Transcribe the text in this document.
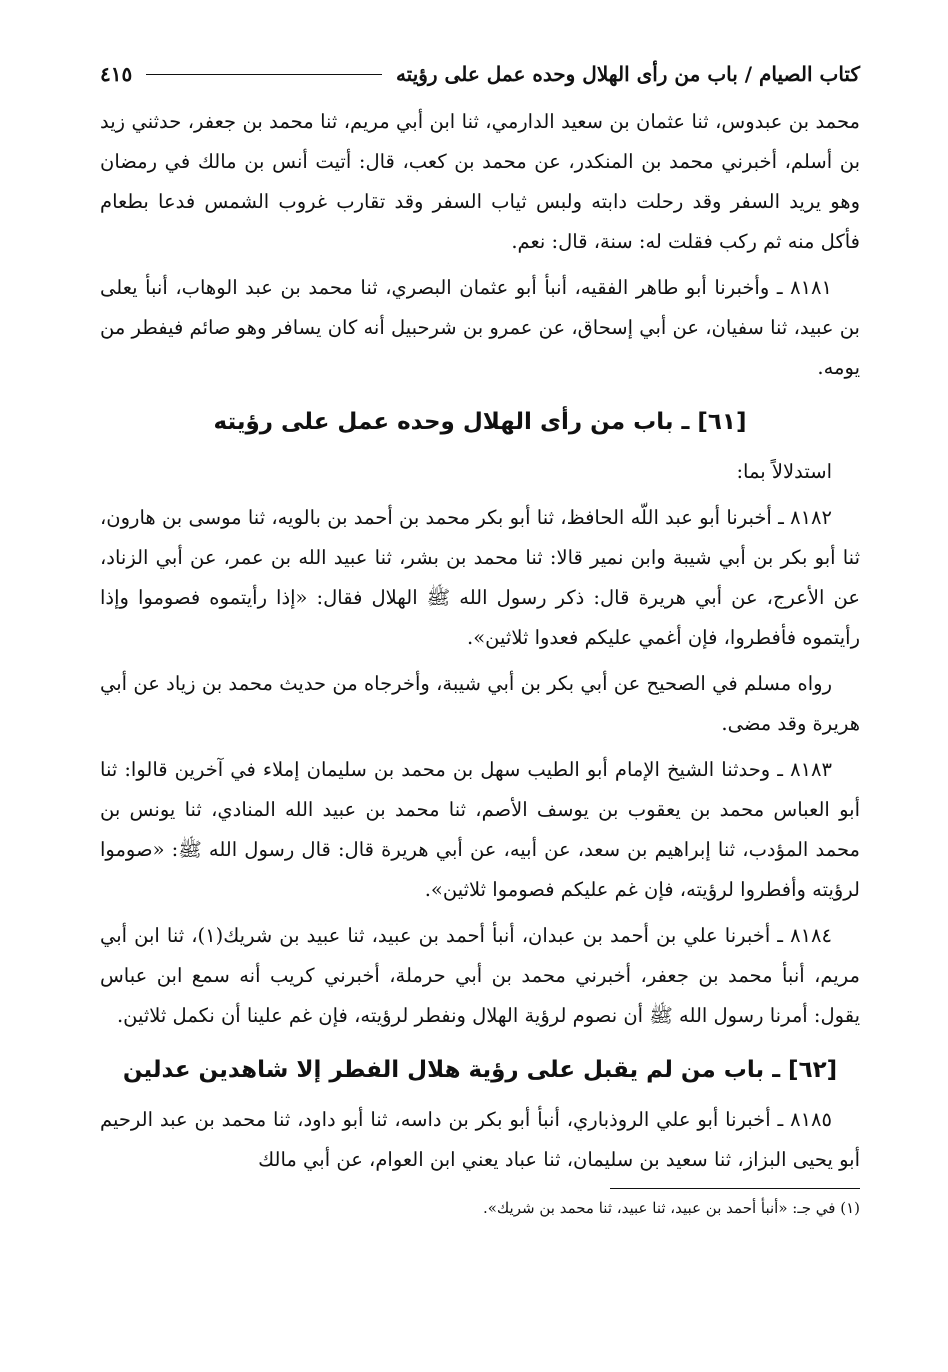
كتاب الصيام / باب من رأى الهلال وحده عمل على رؤيته
٤١٥

محمد بن عبدوس، ثنا عثمان بن سعيد الدارمي، ثنا ابن أبي مريم، ثنا محمد بن جعفر، حدثني زيد بن أسلم، أخبرني محمد بن المنكدر، عن محمد بن كعب، قال: أتيت أنس بن مالك في رمضان وهو يريد السفر وقد رحلت دابته ولبس ثياب السفر وقد تقارب غروب الشمس فدعا بطعام فأكل منه ثم ركب فقلت له: سنة، قال: نعم.

٨١٨١ ـ وأخبرنا أبو طاهر الفقيه، أنبأ أبو عثمان البصري، ثنا محمد بن عبد الوهاب، أنبأ يعلى بن عبيد، ثنا سفيان، عن أبي إسحاق، عن عمرو بن شرحبيل أنه كان يسافر وهو صائم فيفطر من يومه.

[٦١] ـ باب من رأى الهلال وحده عمل على رؤيته

استدلالاً بما:

٨١٨٢ ـ أخبرنا أبو عبد اللّه الحافظ، ثنا أبو بكر محمد بن أحمد بن بالويه، ثنا موسى بن هارون، ثنا أبو بكر بن أبي شيبة وابن نمير قالا: ثنا محمد بن بشر، ثنا عبيد الله بن عمر، عن أبي الزناد، عن الأعرج، عن أبي هريرة قال: ذكر رسول الله ﷺ الهلال فقال: «إذا رأيتموه فصوموا وإذا رأيتموه فأفطروا، فإن أغمي عليكم فعدوا ثلاثين».

رواه مسلم في الصحيح عن أبي بكر بن أبي شيبة، وأخرجاه من حديث محمد بن زياد عن أبي هريرة وقد مضى.

٨١٨٣ ـ وحدثنا الشيخ الإمام أبو الطيب سهل بن محمد بن سليمان إملاء في آخرين قالوا: ثنا أبو العباس محمد بن يعقوب بن يوسف الأصم، ثنا محمد بن عبيد الله المنادي، ثنا يونس بن محمد المؤدب، ثنا إبراهيم بن سعد، عن أبيه، عن أبي هريرة قال: قال رسول الله ﷺ: «صوموا لرؤيته وأفطروا لرؤيته، فإن غم عليكم فصوموا ثلاثين».

٨١٨٤ ـ أخبرنا علي بن أحمد بن عبدان، أنبأ أحمد بن عبيد، ثنا عبيد بن شريك(١)، ثنا ابن أبي مريم، أنبأ محمد بن جعفر، أخبرني محمد بن أبي حرملة، أخبرني كريب أنه سمع ابن عباس يقول: أمرنا رسول الله ﷺ أن نصوم لرؤية الهلال ونفطر لرؤيته، فإن غم علينا أن نكمل ثلاثين.

[٦٢] ـ باب من لم يقبل على رؤية هلال الفطر إلا شاهدين عدلين

٨١٨٥ ـ أخبرنا أبو علي الروذباري، أنبأ أبو بكر بن داسه، ثنا أبو داود، ثنا محمد بن عبد الرحيم أبو يحيى البزاز، ثنا سعيد بن سليمان، ثنا عباد يعني ابن العوام، عن أبي مالك

(١) في جـ: «أنبأ أحمد بن عبيد، ثنا عبيد، ثنا محمد بن شريك».
